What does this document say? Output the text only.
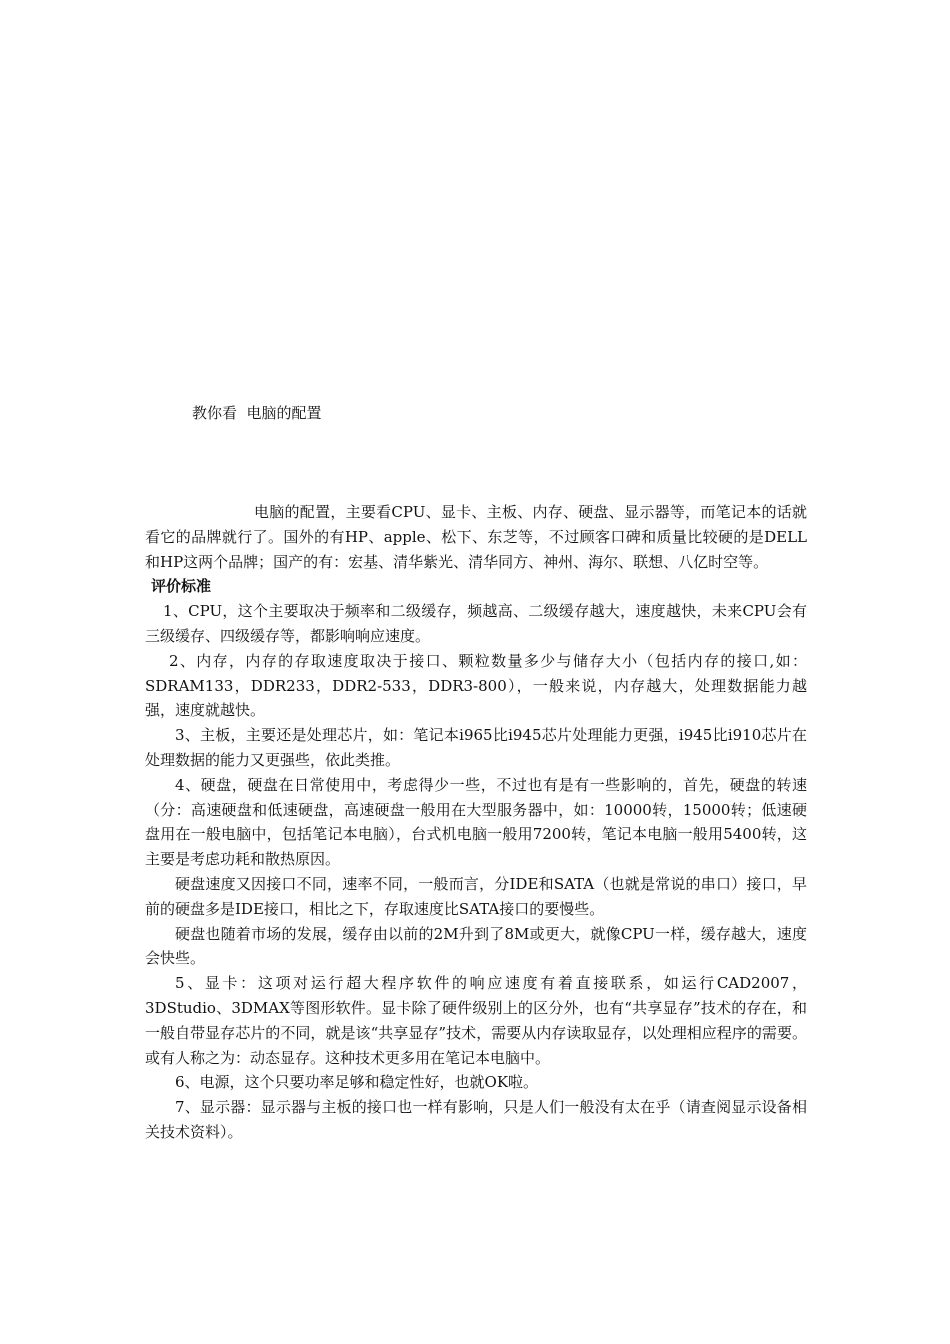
教你看  电脑的配置

电脑的配置，主要看CPU、显卡、主板、内存、硬盘、显示器等，而笔记本的话就看它的品牌就行了。国外的有HP、apple、松下、东芝等，不过顾客口碑和质量比较硬的是DELL和HP这两个品牌；国产的有：宏基、清华紫光、清华同方、神州、海尔、联想、八亿时空等。

评价标准

1、CPU，这个主要取决于频率和二级缓存，频越高、二级缓存越大，速度越快，未来CPU会有三级缓存、四级缓存等，都影响响应速度。

2、内存，内存的存取速度取决于接口、颗粒数量多少与储存大小（包括内存的接口,如：SDRAM133，DDR233，DDR2-533，DDR3-800），一般来说，内存越大，处理数据能力越强，速度就越快。

3、主板，主要还是处理芯片，如：笔记本i965比i945芯片处理能力更强，i945比i910芯片在处理数据的能力又更强些，依此类推。

4、硬盘，硬盘在日常使用中，考虑得少一些，不过也有是有一些影响的，首先，硬盘的转速（分：高速硬盘和低速硬盘，高速硬盘一般用在大型服务器中，如：10000转，15000转；低速硬盘用在一般电脑中，包括笔记本电脑），台式机电脑一般用7200转，笔记本电脑一般用5400转，这主要是考虑功耗和散热原因。

硬盘速度又因接口不同，速率不同，一般而言，分IDE和SATA（也就是常说的串口）接口，早前的硬盘多是IDE接口，相比之下，存取速度比SATA接口的要慢些。

硬盘也随着市场的发展，缓存由以前的2M升到了8M或更大，就像CPU一样，缓存越大，速度会快些。

5、显卡：这项对运行超大程序软件的响应速度有着直接联系，如运行CAD2007，3DStudio、3DMAX等图形软件。显卡除了硬件级别上的区分外，也有“共享显存”技术的存在，和一般自带显存芯片的不同，就是该“共享显存”技术，需要从内存读取显存，以处理相应程序的需要。或有人称之为：动态显存。这种技术更多用在笔记本电脑中。

6、电源，这个只要功率足够和稳定性好，也就OK啦。

7、显示器：显示器与主板的接口也一样有影响，只是人们一般没有太在乎（请查阅显示设备相关技术资料）。
